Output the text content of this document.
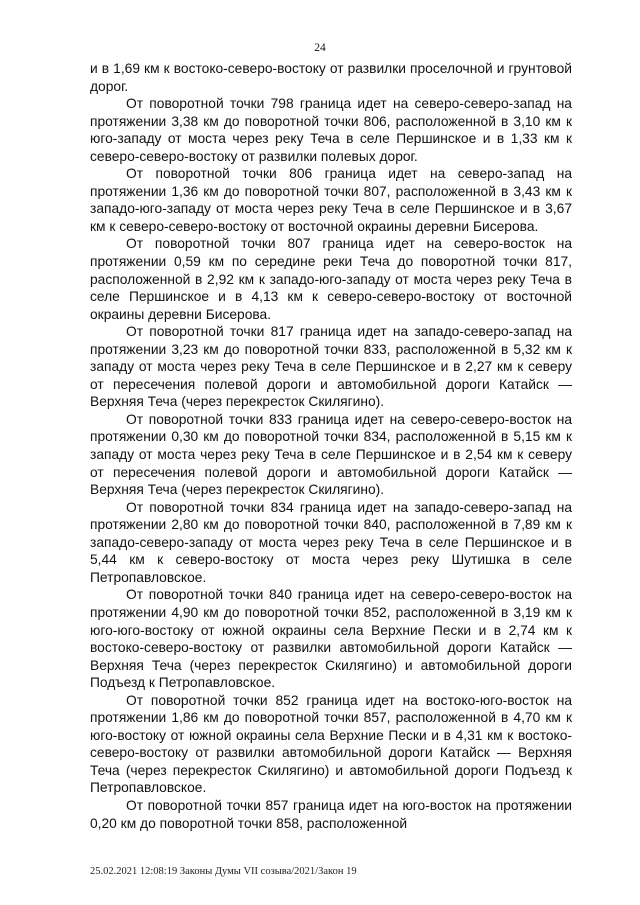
24

и в 1,69 км к востоко-северо-востоку от развилки проселочной и грунтовой дорог.

От поворотной точки 798 граница идет на северо-северо-запад на протяжении 3,38 км до поворотной точки 806, расположенной в 3,10 км к юго-западу от моста через реку Теча в селе Першинское и в 1,33 км к северо-северо-востоку от развилки полевых дорог.

От поворотной точки 806 граница идет на северо-запад на протяжении 1,36 км до поворотной точки 807, расположенной в 3,43 км к западо-юго-западу от моста через реку Теча в селе Першинское и в 3,67 км к северо-северо-востоку от восточной окраины деревни Бисерова.

От поворотной точки 807 граница идет на северо-восток на протяжении 0,59 км по середине реки Теча до поворотной точки 817, расположенной в 2,92 км к западо-юго-западу от моста через реку Теча в селе Першинское и в 4,13 км к северо-северо-востоку от восточной окраины деревни Бисерова.

От поворотной точки 817 граница идет на западо-северо-запад на протяжении 3,23 км до поворотной точки 833, расположенной в 5,32 км к западу от моста через реку Теча в селе Першинское и в 2,27 км к северу от пересечения полевой дороги и автомобильной дороги Катайск — Верхняя Теча (через перекресток Скилягино).

От поворотной точки 833 граница идет на северо-северо-восток на протяжении 0,30 км до поворотной точки 834, расположенной в 5,15 км к западу от моста через реку Теча в селе Першинское и в 2,54 км к северу от пересечения полевой дороги и автомобильной дороги Катайск — Верхняя Теча (через перекресток Скилягино).

От поворотной точки 834 граница идет на западо-северо-запад на протяжении 2,80 км до поворотной точки 840, расположенной в 7,89 км к западо-северо-западу от моста через реку Теча в селе Першинское и в 5,44 км к северо-востоку от моста через реку Шутишка в селе Петропавловское.

От поворотной точки 840 граница идет на северо-северо-восток на протяжении 4,90 км до поворотной точки 852, расположенной в 3,19 км к юго-юго-востоку от южной окраины села Верхние Пески и в 2,74 км к востоко-северо-востоку от развилки автомобильной дороги Катайск — Верхняя Теча (через перекресток Скилягино) и автомобильной дороги Подъезд к Петропавловское.

От поворотной точки 852 граница идет на востоко-юго-восток на протяжении 1,86 км до поворотной точки 857, расположенной в 4,70 км к юго-востоку от южной окраины села Верхние Пески и в 4,31 км к востоко-северо-востоку от развилки автомобильной дороги Катайск — Верхняя Теча (через перекресток Скилягино) и автомобильной дороги Подъезд к Петропавловское.

От поворотной точки 857 граница идет на юго-восток на протяжении 0,20 км до поворотной точки 858, расположенной

25.02.2021 12:08:19 Законы Думы VII созыва/2021/Закон 19
